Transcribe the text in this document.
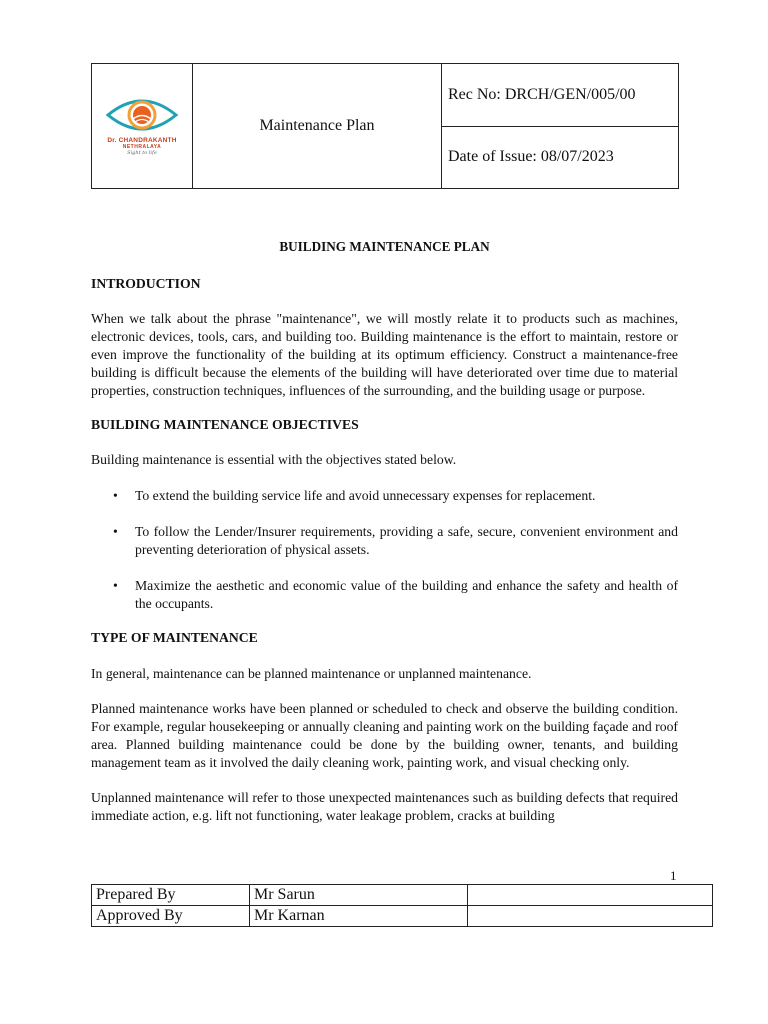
Dr. CHANDRAKANTH
NETHRALAYA
Sight to life
	Maintenance Plan	Rec No: DRCH/GEN/005/00
Date of Issue: 08/07/2023
BUILDING MAINTENANCE PLAN
INTRODUCTION

When we talk about the phrase "maintenance", we will mostly relate it to products such as machines, electronic devices, tools, cars, and building too. Building maintenance is the effort to maintain, restore or even improve the functionality of the building at its optimum efficiency. Construct a maintenance-free building is difficult because the elements of the building will have deteriorated over time due to material properties, construction techniques, influences of the surrounding, and the building usage or purpose.

BUILDING MAINTENANCE OBJECTIVES

Building maintenance is essential with the objectives stated below.

• To extend the building service life and avoid unnecessary expenses for replacement.
• To follow the Lender/Insurer requirements, providing a safe, secure, convenient environment and preventing deterioration of physical assets.
• Maximize the aesthetic and economic value of the building and enhance the safety and health of the occupants.
TYPE OF MAINTENANCE

In general, maintenance can be planned maintenance or unplanned maintenance.

Planned maintenance works have been planned or scheduled to check and observe the building condition. For example, regular housekeeping or annually cleaning and painting work on the building façade and roof area. Planned building maintenance could be done by the building owner, tenants, and building management team as it involved the daily cleaning work, painting work, and visual checking only.

Unplanned maintenance will refer to those unexpected maintenances such as building defects that required immediate action, e.g. lift not functioning, water leakage problem, cracks at building

1
Prepared By	Mr Sarun	
Approved By	Mr Karnan	
